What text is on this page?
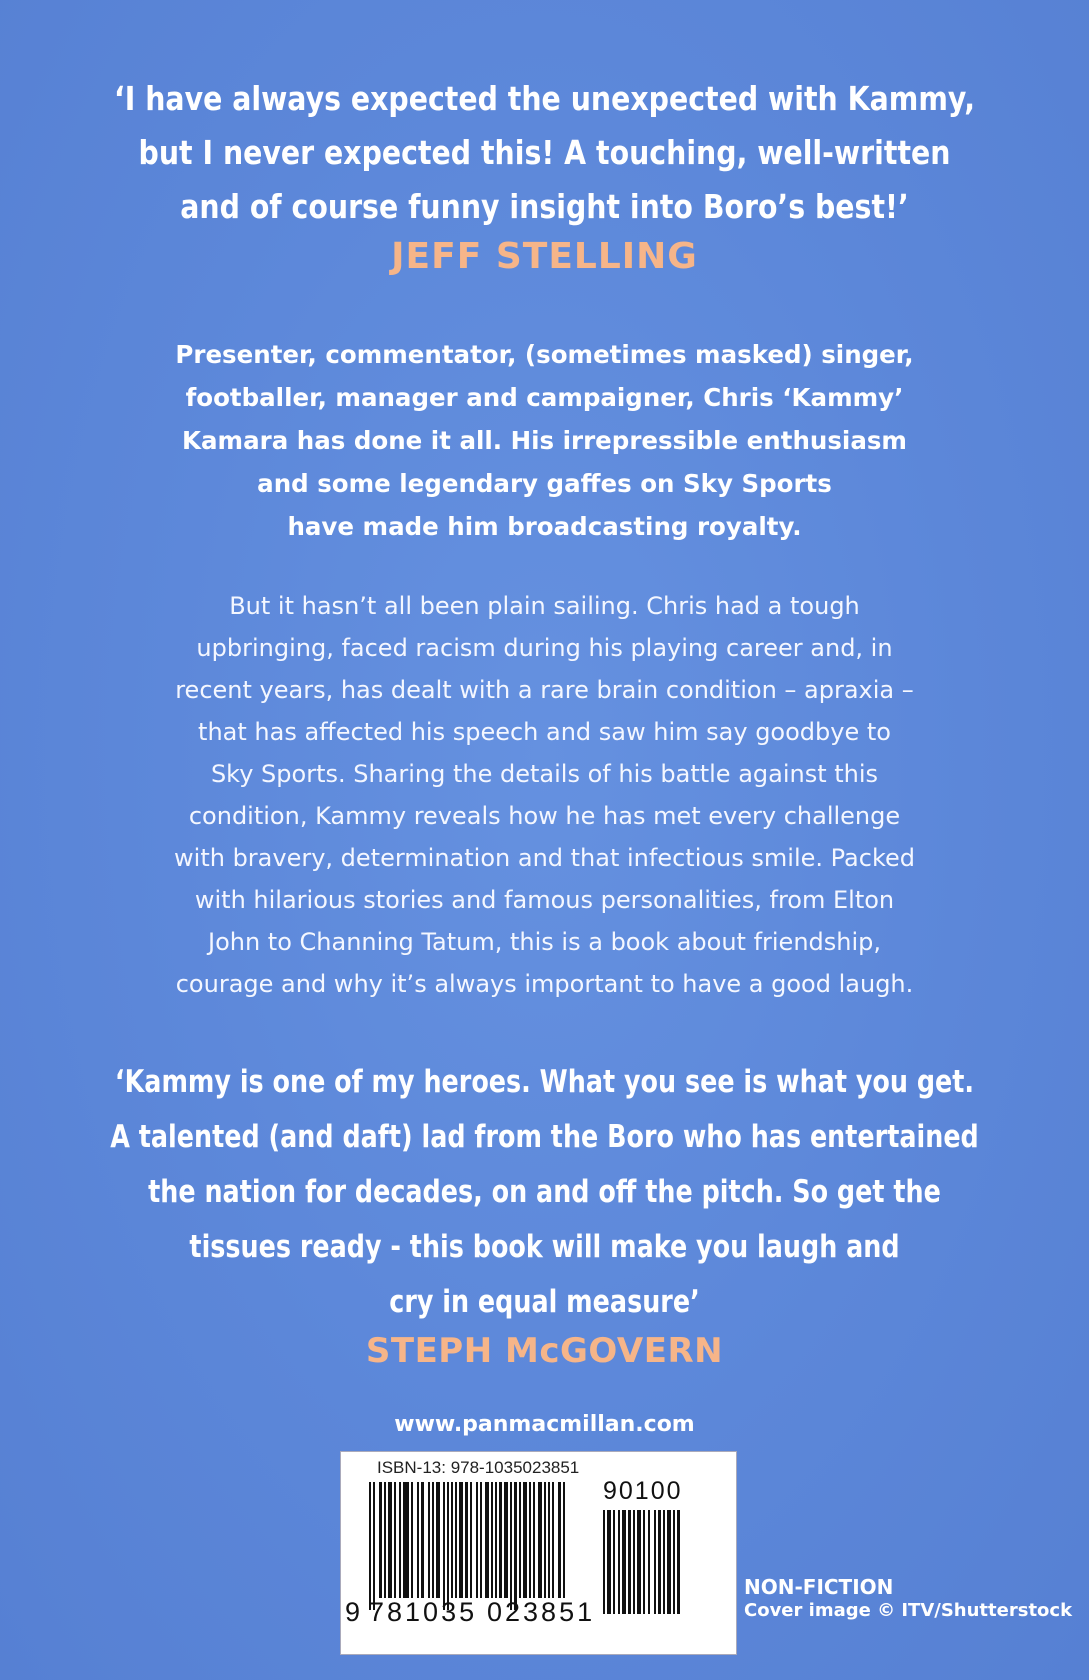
‘I have always expected the unexpected with Kammy,
but I never expected this! A touching, well-written
and of course funny insight into Boro’s best!’
JEFF STELLING
Presenter, commentator, (sometimes masked) singer,
footballer, manager and campaigner, Chris ‘Kammy’
Kamara has done it all. His irrepressible enthusiasm
and some legendary gaffes on Sky Sports
have made him broadcasting royalty.
But it hasn’t all been plain sailing. Chris had a tough
upbringing, faced racism during his playing career and, in
recent years, has dealt with a rare brain condition – apraxia –
that has affected his speech and saw him say goodbye to
Sky Sports. Sharing the details of his battle against this
condition, Kammy reveals how he has met every challenge
with bravery, determination and that infectious smile. Packed
with hilarious stories and famous personalities, from Elton
John to Channing Tatum, this is a book about friendship,
courage and why it’s always important to have a good laugh.
‘Kammy is one of my heroes. What you see is what you get.
A talented (and daft) lad from the Boro who has entertained
the nation for decades, on and off the pitch. So get the
tissues ready - this book will make you laugh and
cry in equal measure’
STEPH McGOVERN
www.panmacmillan.com
ISBN-13: 978-1035023851
90100
9 781035 023851
NON-FICTION
Cover image © ITV/Shutterstock
UK £10.99
